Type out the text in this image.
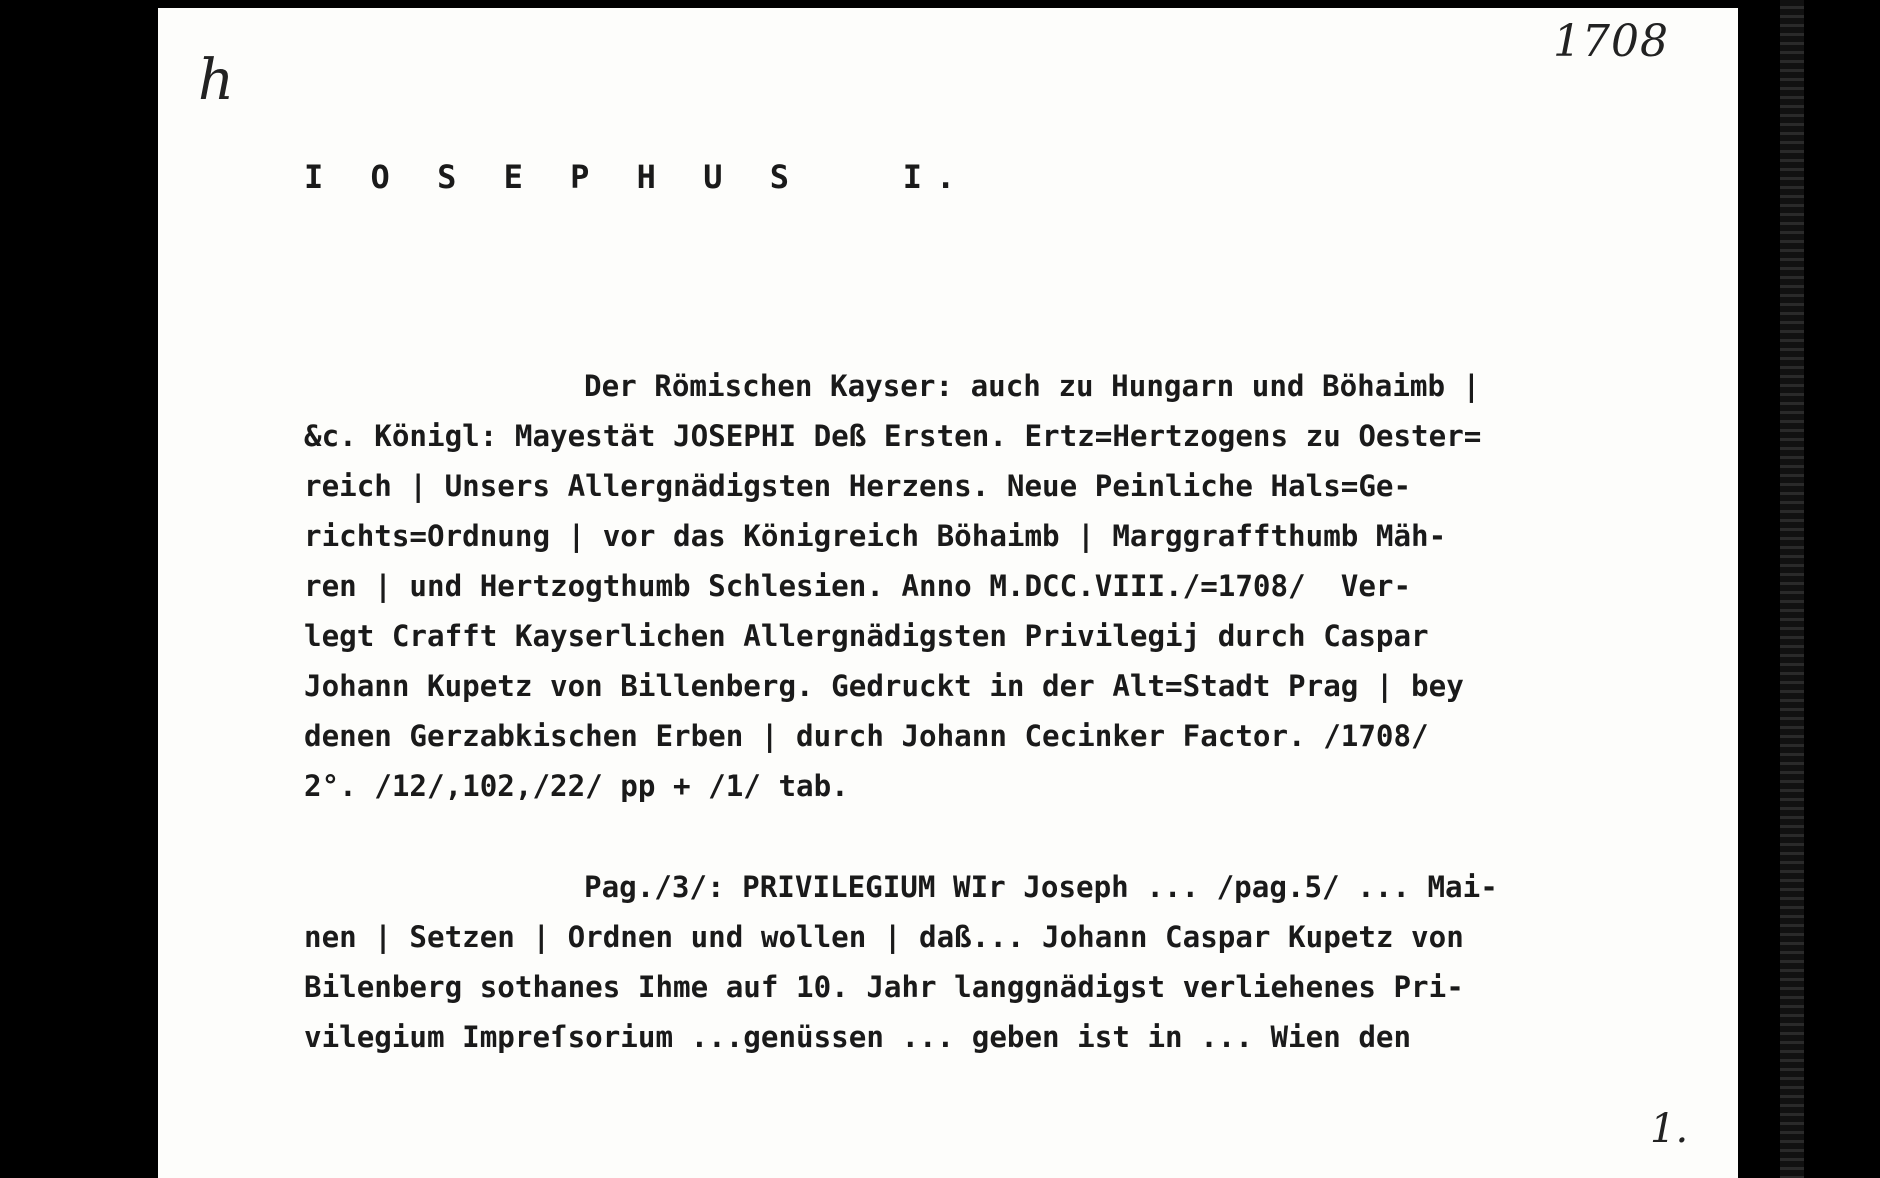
h
1708
I O S E P H U S   I.
Der Römischen Kayser: auch zu Hungarn und Böhaimb |
&c. Königl: Mayestät JOSEPHI Deß Ersten. Ertz=Hertzogens zu Oester=
reich | Unsers Allergnädigsten Herzens. Neue Peinliche Hals=Ge-
richts=Ordnung | vor das Königreich Böhaimb | Marggraffthumb Mäh-
ren | und Hertzogthumb Schlesien. Anno M.DCC.VIII./=1708/  Ver-
legt Crafft Kayserlichen Allergnädigsten Privilegij durch Caspar
Johann Kupetz von Billenberg. Gedruckt in der Alt=Stadt Prag | bey
denen Gerzabkischen Erben | durch Johann Cecinker Factor. /1708/
2°. /12/,102,/22/ pp + /1/ tab.
Pag./3/: PRIVILEGIUM WIr Joseph ... /pag.5/ ... Mai-
nen | Setzen | Ordnen und wollen | daß... Johann Caspar Kupetz von
Bilenberg sothanes Ihme auf 10. Jahr langgnädigst verliehenes Pri-
vilegium Impreſsorium ...genüssen ... geben ist in ... Wien den
1.
